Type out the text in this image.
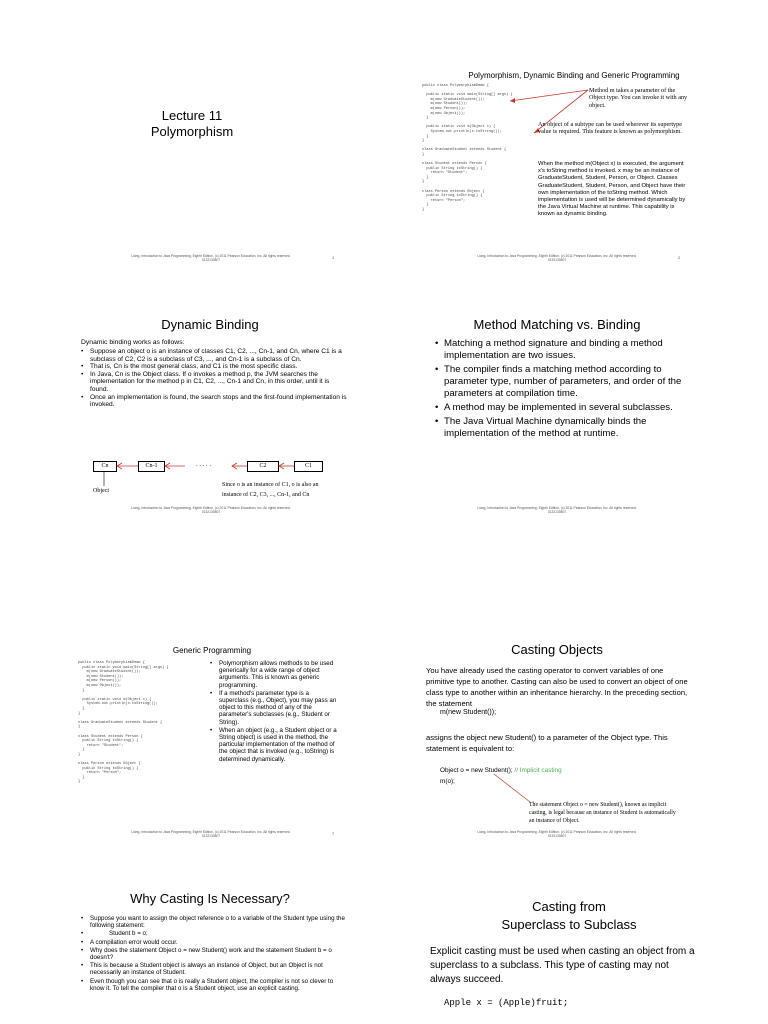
Lecture 11
Polymorphism
Liang, Introduction to Java Programming, Eighth Edition, (c) 2011 Pearson Education, Inc. All rights reserved. 0132130807	1
Polymorphism, Dynamic Binding and Generic Programming
public class PolymorphismDemo {

public static void main(String[] args) {
m(new GraduateStudent());
m(new Student());
m(new Person());
m(new Object());
}

public static void m(Object x) {
System.out.println(x.toString());
}
}

class GraduateStudent extends Student {
}

class Student extends Person {
public String toString() {
return "Student";
}
}

class Person extends Object {
public String toString() {
return "Person";
}
}
Method m takes a parameter of the Object type. You can invoke it with any object.
An object of a subtype can be used wherever its supertype value is required. This feature is known as polymorphism.
When the method m(Object x) is executed, the argument x's toString method is invoked. x may be an instance of GraduateStudent, Student, Person, or Object. Classes GraduateStudent, Student, Person, and Object have their own implementation of the toString method. Which implementation is used will be determined dynamically by the Java Virtual Machine at runtime. This capability is known as dynamic binding.
Liang, Introduction to Java Programming, Eighth Edition, (c) 2011 Pearson Education, Inc. All rights reserved. 0132130807	2
Dynamic Binding
Dynamic binding works as follows:
• Suppose an object o is an instance of classes C1, C2, ..., Cn-1, and Cn, where C1 is a subclass of C2, C2 is a subclass of C3, ..., and Cn-1 is a subclass of Cn.
• That is, Cn is the most general class, and C1 is the most specific class.
• In Java, Cn is the Object class. If o invokes a method p, the JVM searches the implementation for the method p in C1, C2, ..., Cn-1 and Cn, in this order, until it is found.
• Once an implementation is found, the search stops and the first-found implementation is invoked.
Cn	Cn-1	. . . . .	C2	C1
Object
Since o is an instance of C1, o is also an
instance of C2, C3, ..., Cn-1, and Cn
Liang, Introduction to Java Programming, Eighth Edition, (c) 2011 Pearson Education, Inc. All rights reserved. 0132130807
Method Matching vs. Binding
• Matching a method signature and binding a method implementation are two issues.
• The compiler finds a matching method according to parameter type, number of parameters, and order of the parameters at compilation time.
• A method may be implemented in several subclasses.
• The Java Virtual Machine dynamically binds the implementation of the method at runtime.
Liang, Introduction to Java Programming, Eighth Edition, (c) 2011 Pearson Education, Inc. All rights reserved. 0132130807
Generic Programming
public class PolymorphismDemo {
public static void main(String[] args) {
m(new GraduateStudent());
m(new Student());
m(new Person());
m(new Object());
}

public static void m(Object x) {
System.out.println(x.toString());
}
}

class GraduateStudent extends Student {
}

class Student extends Person {
public String toString() {
return "Student";
}
}

class Person extends Object {
public String toString() {
return "Person";
}
}
• Polymorphism allows methods to be used generically for a wide range of object arguments. This is known as generic programming.
• If a method's parameter type is a superclass (e.g., Object), you may pass an object to this method of any of the parameter's subclasses (e.g., Student or String).
• When an object (e.g., a Student object or a String object) is used in the method, the particular implementation of the method of the object that is invoked (e.g., toString) is determined dynamically.
Liang, Introduction to Java Programming, Eighth Edition, (c) 2011 Pearson Education, Inc. All rights reserved. 0132130807	7
Casting Objects
You have already used the casting operator to convert variables of one primitive type to another. Casting can also be used to convert an object of one class type to another within an inheritance hierarchy. In the preceding section, the statement
m(new Student());
assigns the object new Student() to a parameter of the Object type. This statement is equivalent to:
Object o = new Student(); // Implicit casting
m(o);
The statement Object o = new Student(), known as implicit casting, is legal because an instance of Student is automatically an instance of Object.
Liang, Introduction to Java Programming, Eighth Edition, (c) 2011 Pearson Education, Inc. All rights reserved. 0132130807
Why Casting Is Necessary?
• Suppose you want to assign the object reference o to a variable of the Student type using the following statement:
• Student b = o;
• A compilation error would occur.
• Why does the statement Object o = new Student() work and the statement Student b = o doesn't?
• This is because a Student object is always an instance of Object, but an Object is not necessarily an instance of Student.
• Even though you can see that o is really a Student object, the compiler is not so clever to know it. To tell the compiler that o is a Student object, use an explicit casting.
Casting from
Superclass to Subclass
Explicit casting must be used when casting an object from a superclass to a subclass. This type of casting may not always succeed.
Apple x = (Apple)fruit;
